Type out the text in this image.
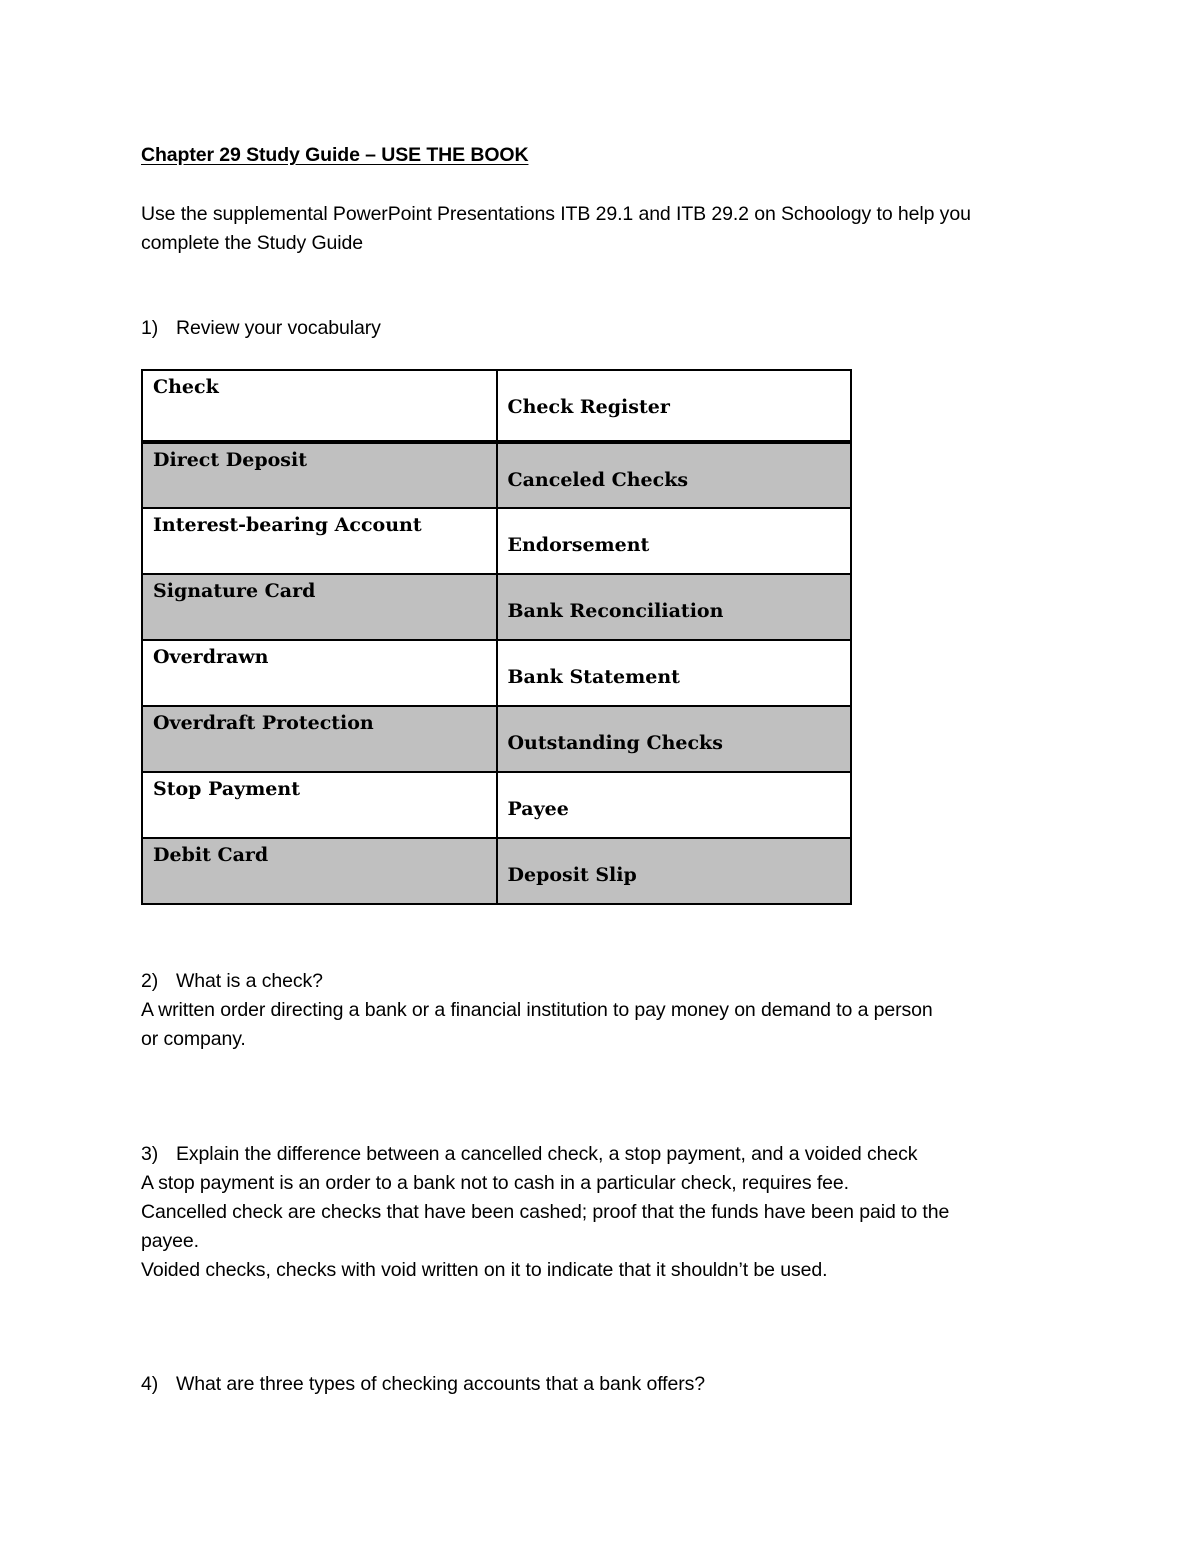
Chapter 29 Study Guide – USE THE BOOK
Use the supplemental PowerPoint Presentations ITB 29.1 and ITB 29.2 on Schoology to help you
complete the Study Guide
1) Review your vocabulary
Check	Check Register

Direct Deposit	Canceled Checks

Interest-bearing Account	Endorsement

Signature Card	Bank Reconciliation

Overdrawn	Bank Statement

Overdraft Protection	Outstanding Checks

Stop Payment	Payee

Debit Card	Deposit Slip
2) What is a check?
A written order directing a bank or a financial institution to pay money on demand to a person
or company.
3) Explain the difference between a cancelled check, a stop payment, and a voided check
A stop payment is an order to a bank not to cash in a particular check, requires fee.
Cancelled check are checks that have been cashed; proof that the funds have been paid to the
payee.
Voided checks, checks with void written on it to indicate that it shouldn’t be used.
4) What are three types of checking accounts that a bank offers?
